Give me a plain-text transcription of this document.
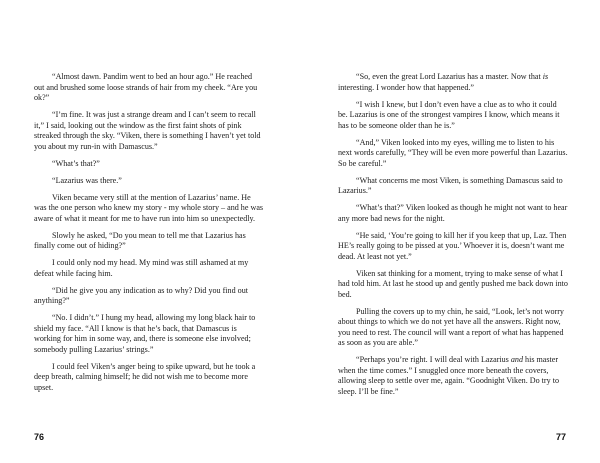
“Almost dawn. Pandim went to bed an hour ago.” He reached out and brushed some loose strands of hair from my cheek. “Are you ok?”

“I’m fine. It was just a strange dream and I can’t seem to recall it,” I said, looking out the window as the first faint shots of pink streaked through the sky. “Viken, there is something I haven’t yet told you about my run-in with Damascus.”

“What’s that?”

“Lazarius was there.”

Viken became very still at the mention of Lazarius’ name. He was the one person who knew my story - my whole story – and he was aware of what it meant for me to have run into him so unexpectedly.

Slowly he asked, “Do you mean to tell me that Lazarius has finally come out of hiding?”

I could only nod my head. My mind was still ashamed at my defeat while facing him.

“Did he give you any indication as to why? Did you find out anything?”

“No. I didn’t.” I hung my head, allowing my long black hair to shield my face. “All I know is that he’s back, that Damascus is working for him in some way, and, there is someone else involved; somebody pulling Lazarius’ strings.”

I could feel Viken’s anger being to spike upward, but he took a deep breath, calming himself; he did not wish me to become more upset.

76

“So, even the great Lord Lazarius has a master. Now that is interesting. I wonder how that happened.”

“I wish I knew, but I don’t even have a clue as to who it could be. Lazarius is one of the strongest vampires I know, which means it has to be someone older than he is.”

“And,” Viken looked into my eyes, willing me to listen to his next words carefully, “They will be even more powerful than Lazarius. So be careful.”

“What concerns me most Viken, is something Damascus said to Lazarius.”

“What’s that?” Viken looked as though he might not want to hear any more bad news for the night.

“He said, ‘You’re going to kill her if you keep that up, Laz. Then HE’s really going to be pissed at you.’ Whoever it is, doesn’t want me dead. At least not yet.”

Viken sat thinking for a moment, trying to make sense of what I had told him. At last he stood up and gently pushed me back down into bed.

Pulling the covers up to my chin, he said, “Look, let’s not worry about things to which we do not yet have all the answers. Right now, you need to rest. The council will want a report of what has happened as soon as you are able.”

“Perhaps you’re right. I will deal with Lazarius and his master when the time comes.” I snuggled once more beneath the covers, allowing sleep to settle over me, again. “Goodnight Viken. Do try to sleep. I’ll be fine.”

77
